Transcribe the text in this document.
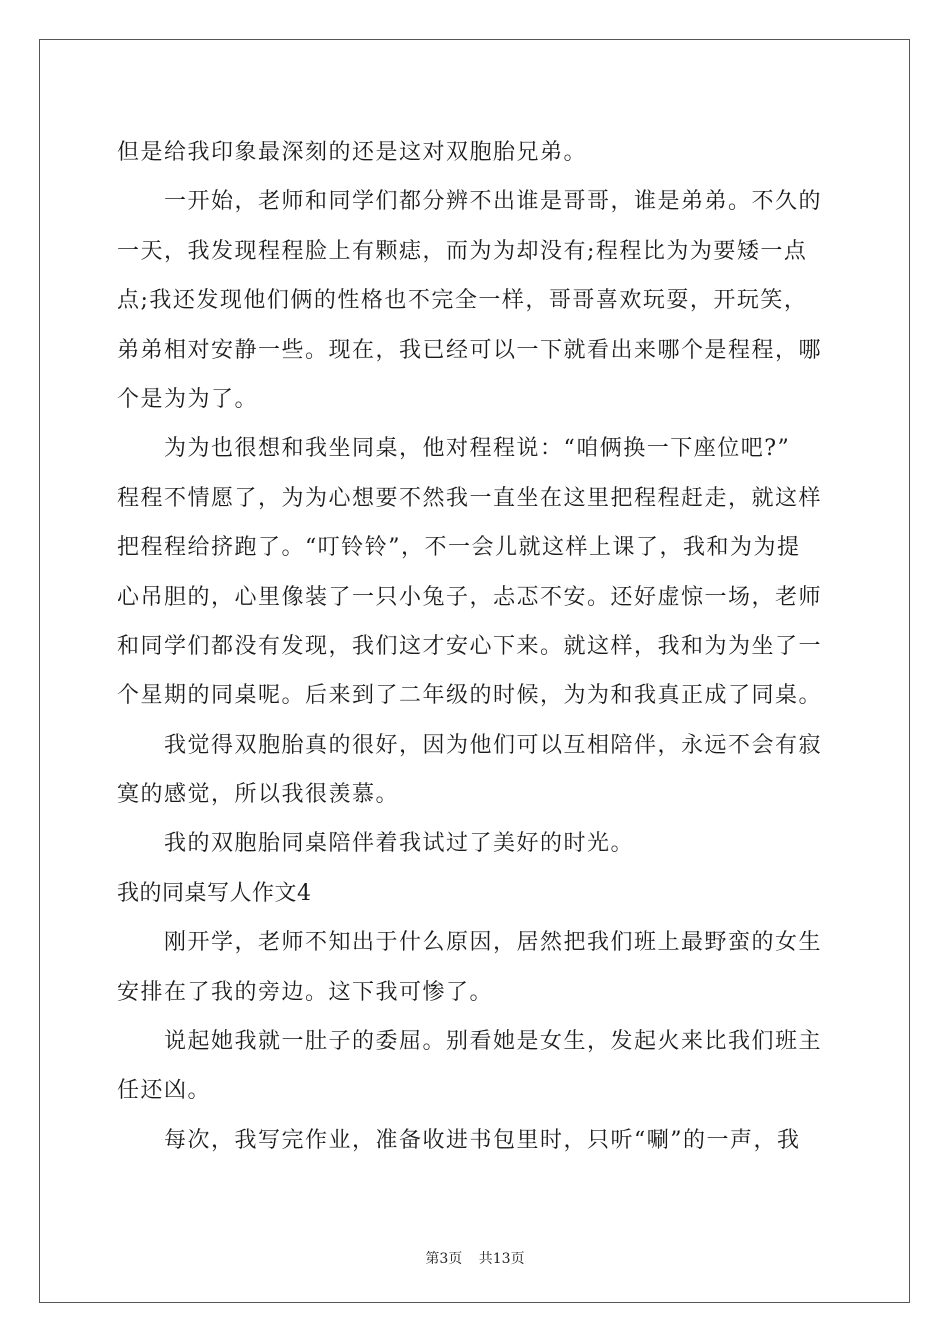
但是给我印象最深刻的还是这对双胞胎兄弟。
一开始，老师和同学们都分辨不出谁是哥哥，谁是弟弟。不久的
一天，我发现程程脸上有颗痣，而为为却没有;程程比为为要矮一点
点;我还发现他们俩的性格也不完全一样，哥哥喜欢玩耍，开玩笑，
弟弟相对安静一些。现在，我已经可以一下就看出来哪个是程程，哪
个是为为了。
为为也很想和我坐同桌，他对程程说：“咱俩换一下座位吧?”
程程不情愿了，为为心想要不然我一直坐在这里把程程赶走，就这样
把程程给挤跑了。“叮铃铃”，不一会儿就这样上课了，我和为为提
心吊胆的，心里像装了一只小兔子，忐忑不安。还好虚惊一场，老师
和同学们都没有发现，我们这才安心下来。就这样，我和为为坐了一
个星期的同桌呢。后来到了二年级的时候，为为和我真正成了同桌。
我觉得双胞胎真的很好，因为他们可以互相陪伴，永远不会有寂
寞的感觉，所以我很羡慕。
我的双胞胎同桌陪伴着我试过了美好的时光。
我的同桌写人作文4
刚开学，老师不知出于什么原因，居然把我们班上最野蛮的女生
安排在了我的旁边。这下我可惨了。
说起她我就一肚子的委屈。别看她是女生，发起火来比我们班主
任还凶。
每次，我写完作业，准备收进书包里时，只听“唰”的一声，我
第3页 共13页
